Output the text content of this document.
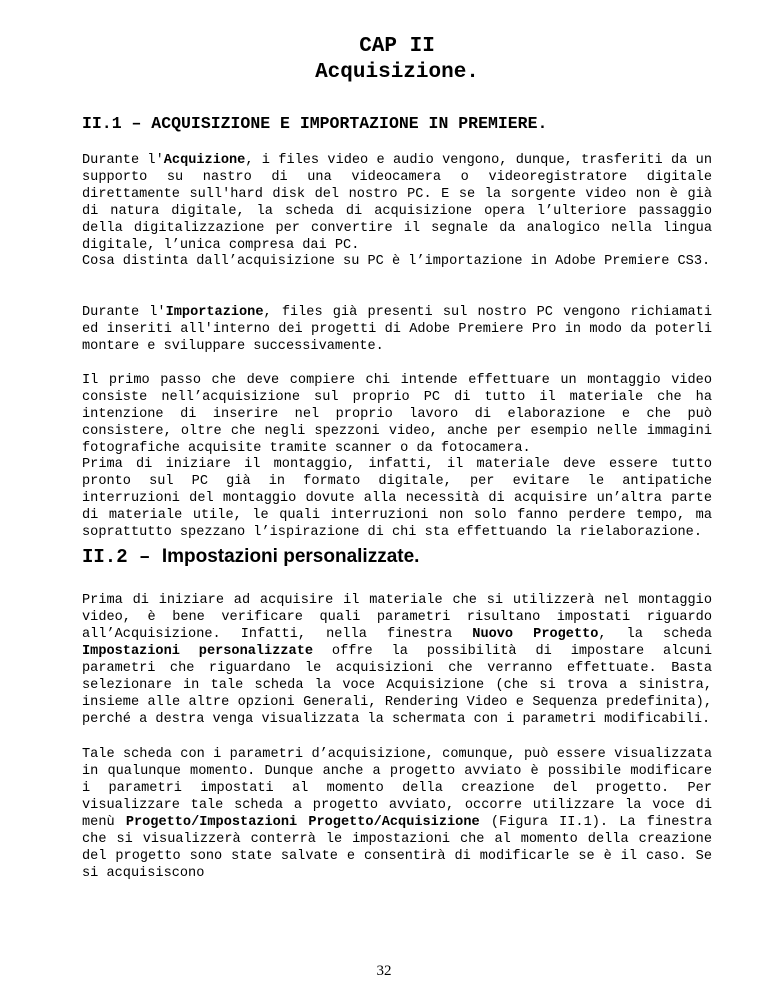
CAP II
Acquisizione.
II.1 – ACQUISIZIONE E IMPORTAZIONE IN PREMIERE.
Durante l'Acquizione, i files video e audio vengono, dunque, trasferiti da un supporto su nastro di una videocamera o videoregistratore digitale direttamente sull'hard disk del nostro PC. E se la sorgente video non è già di natura digitale, la scheda di acquisizione opera l’ulteriore passaggio della digitalizzazione per convertire il segnale da analogico nella lingua digitale, l’unica compresa dai PC.
Cosa distinta dall’acquisizione su PC è l’importazione in Adobe Premiere CS3.
Durante l'Importazione, files già presenti sul nostro PC vengono richiamati ed inseriti all'interno dei progetti di Adobe Premiere Pro in modo da poterli montare e sviluppare successivamente.
Il primo passo che deve compiere chi intende effettuare un montaggio video consiste nell’acquisizione sul proprio PC di tutto il materiale che ha intenzione di inserire nel proprio lavoro di elaborazione e che può consistere, oltre che negli spezzoni video, anche per esempio nelle immagini fotografiche acquisite tramite scanner o da fotocamera.
Prima di iniziare il montaggio, infatti, il materiale deve essere tutto pronto sul PC già in formato digitale, per evitare le antipatiche interruzioni del montaggio dovute alla necessità di acquisire un’altra parte di materiale utile, le quali interruzioni non solo fanno perdere tempo, ma soprattutto spezzano l’ispirazione di chi sta effettuando la rielaborazione.
II.2 – Impostazioni personalizzate.
Prima di iniziare ad acquisire il materiale che si utilizzerà nel montaggio video, è bene verificare quali parametri risultano impostati riguardo all’Acquisizione. Infatti, nella finestra Nuovo Progetto, la scheda Impostazioni personalizzate offre la possibilità di impostare alcuni parametri che riguardano le acquisizioni che verranno effettuate. Basta selezionare in tale scheda la voce Acquisizione (che si trova a sinistra, insieme alle altre opzioni Generali, Rendering Video e Sequenza predefinita), perché a destra venga visualizzata la schermata con i parametri modificabili.
Tale scheda con i parametri d’acquisizione, comunque, può essere visualizzata in qualunque momento. Dunque anche a progetto avviato è possibile modificare i parametri impostati al momento della creazione del progetto. Per visualizzare tale scheda a progetto avviato, occorre utilizzare la voce di menù Progetto/Impostazioni Progetto/Acquisizione (Figura II.1). La finestra che si visualizzerà conterrà le impostazioni che al momento della creazione del progetto sono state salvate e consentirà di modificarle se è il caso. Se si acquisiscono
32
